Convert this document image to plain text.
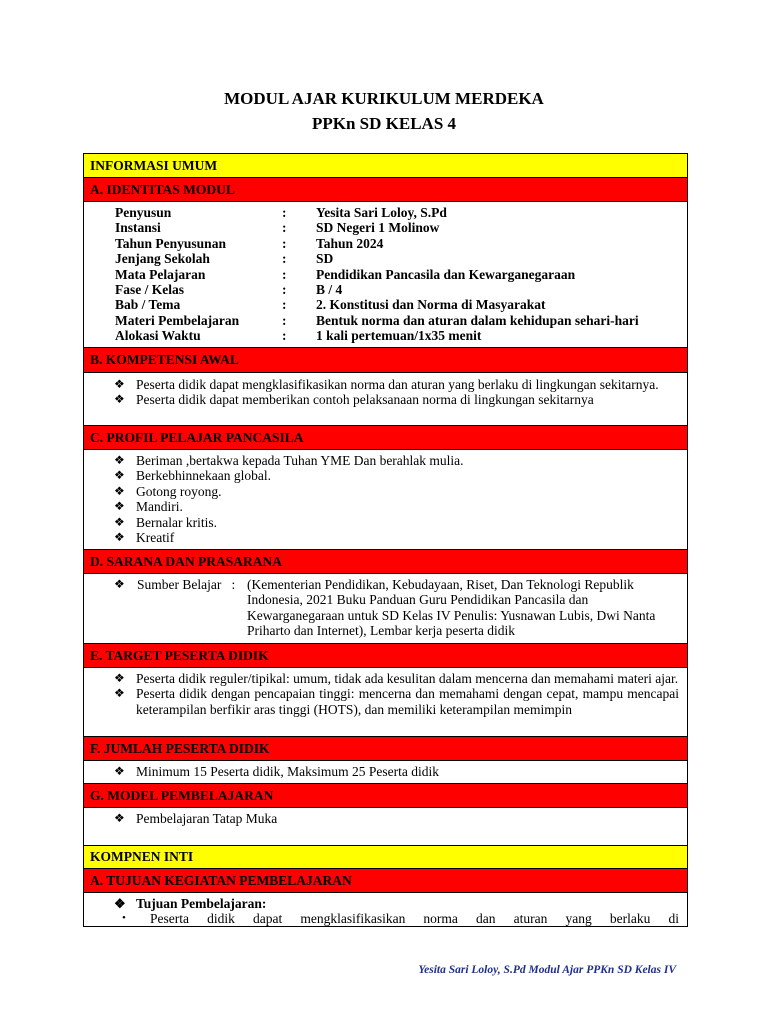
MODUL AJAR KURIKULUM MERDEKA
PPKn SD KELAS 4
INFORMASI UMUM
A. IDENTITAS MODUL
Penyusun	:	Yesita Sari Loloy, S.Pd
Instansi	:	SD Negeri 1 Molinow
Tahun Penyusunan	:	Tahun 2024
Jenjang Sekolah	:	SD
Mata Pelajaran	:	Pendidikan Pancasila dan Kewarganegaraan
Fase / Kelas	:	B / 4
Bab / Tema	:	2. Konstitusi dan Norma di Masyarakat
Materi Pembelajaran	:	Bentuk norma dan aturan dalam kehidupan sehari-hari
Alokasi Waktu	:	1 kali pertemuan/1x35 menit
B. KOMPETENSI AWAL
❖ Peserta didik dapat mengklasifikasikan norma dan aturan yang berlaku di lingkungan sekitarnya.
❖ Peserta didik dapat memberikan contoh pelaksanaan norma di lingkungan sekitarnya
C. PROFIL PELAJAR PANCASILA
❖ Beriman ,bertakwa kepada Tuhan YME Dan berahlak mulia.
❖ Berkebhinnekaan global.
❖ Gotong royong.
❖ Mandiri.
❖ Bernalar kritis.
❖ Kreatif
D. SARANA DAN PRASARANA
❖ Sumber Belajar : (Kementerian Pendidikan, Kebudayaan, Riset, Dan Teknologi Republik Indonesia, 2021 Buku Panduan Guru Pendidikan Pancasila dan Kewarganegaraan untuk SD Kelas IV Penulis: Yusnawan Lubis, Dwi Nanta Priharto dan Internet), Lembar kerja peserta didik
E. TARGET PESERTA DIDIK
❖ Peserta didik reguler/tipikal: umum, tidak ada kesulitan dalam mencerna dan memahami materi ajar.
❖ Peserta didik dengan pencapaian tinggi: mencerna dan memahami dengan cepat, mampu mencapai keterampilan berfikir aras tinggi (HOTS), dan memiliki keterampilan memimpin
F. JUMLAH PESERTA DIDIK
❖ Minimum 15 Peserta didik, Maksimum 25 Peserta didik
G. MODEL PEMBELAJARAN
❖ Pembelajaran Tatap Muka
KOMPNEN INTI
A. TUJUAN KEGIATAN PEMBELAJARAN
❖ Tujuan Pembelajaran:
•	Peserta didik dapat mengklasifikasikan norma dan aturan yang berlaku di
Yesita Sari Loloy, S.Pd Modul Ajar PPKn SD Kelas IV
